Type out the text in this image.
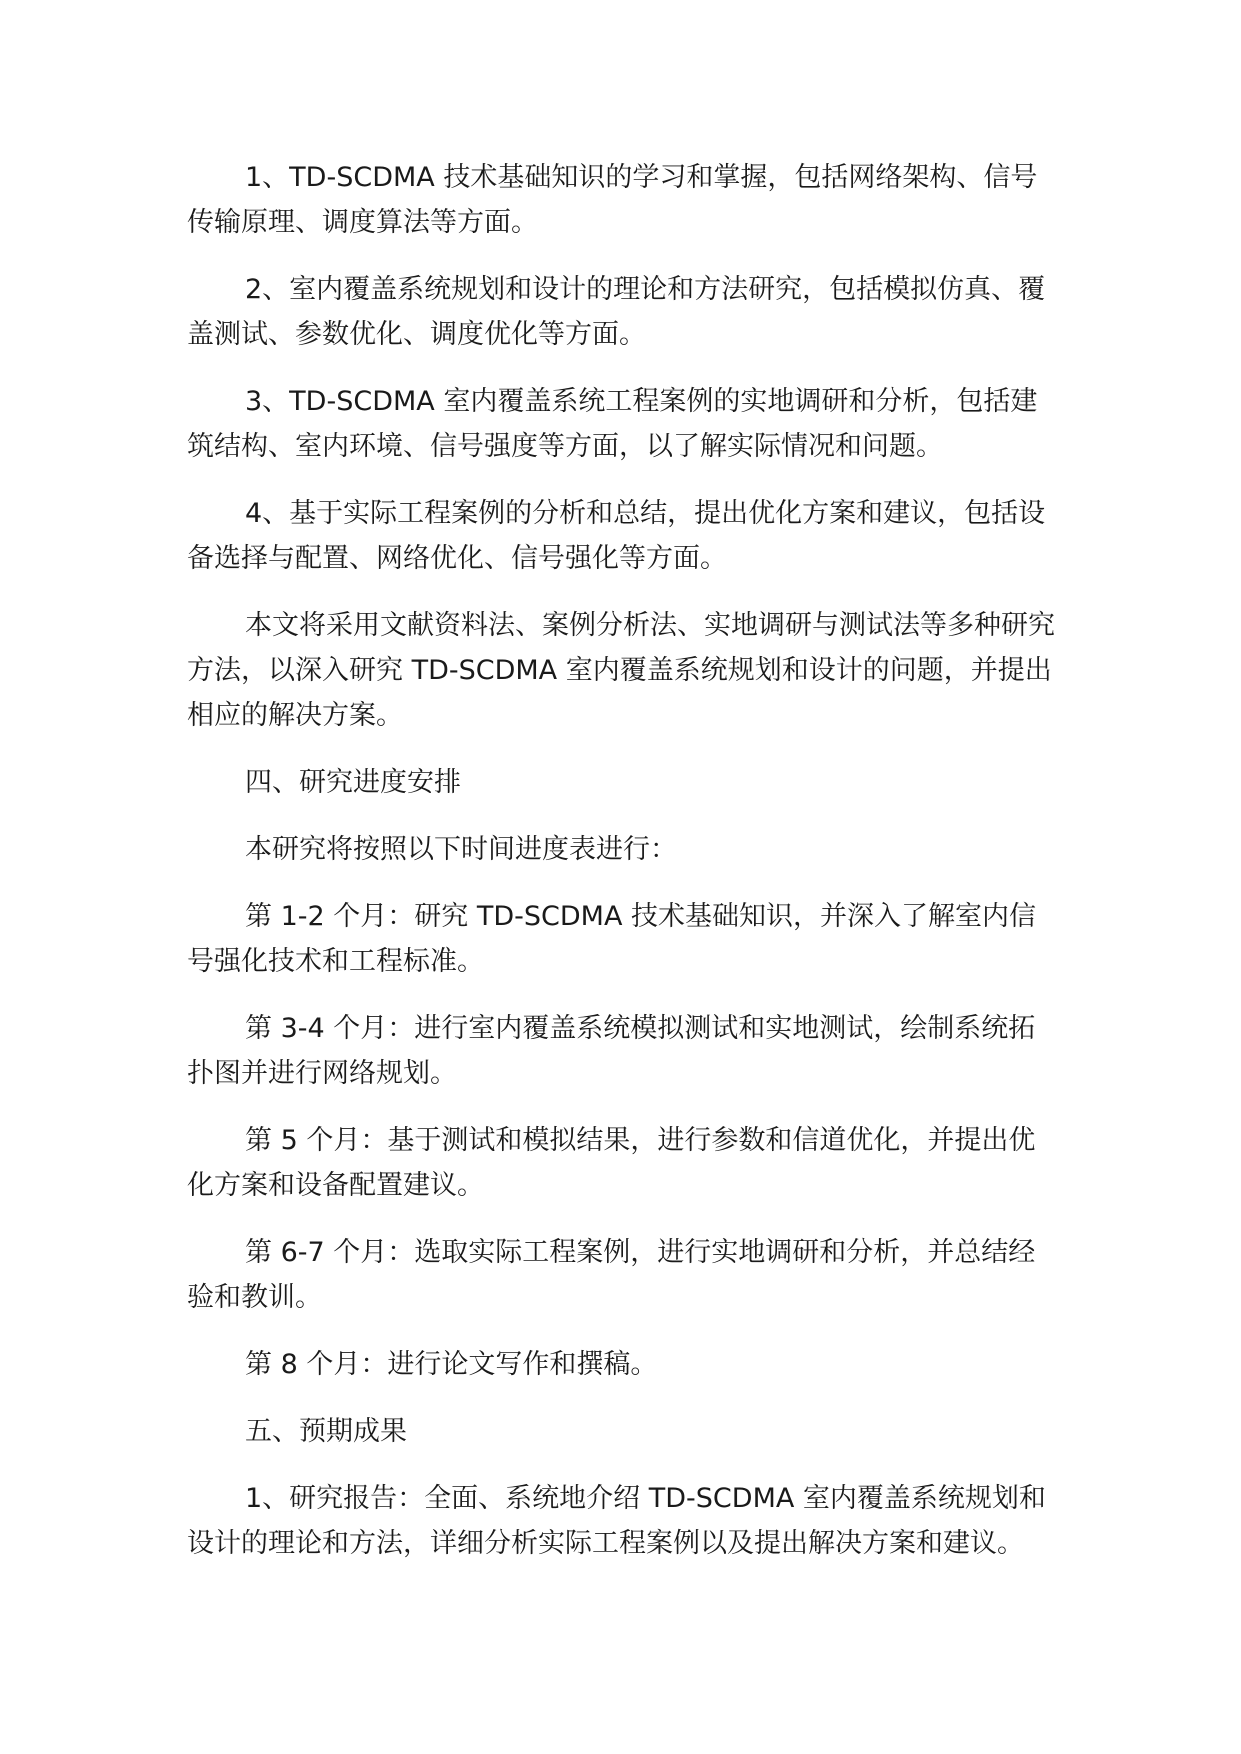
1、TD-SCDMA 技术基础知识的学习和掌握，包括网络架构、信号传输原理、调度算法等方面。

2、室内覆盖系统规划和设计的理论和方法研究，包括模拟仿真、覆盖测试、参数优化、调度优化等方面。

3、TD-SCDMA 室内覆盖系统工程案例的实地调研和分析，包括建筑结构、室内环境、信号强度等方面，以了解实际情况和问题。

4、基于实际工程案例的分析和总结，提出优化方案和建议，包括设备选择与配置、网络优化、信号强化等方面。

本文将采用文献资料法、案例分析法、实地调研与测试法等多种研究方法，以深入研究 TD-SCDMA 室内覆盖系统规划和设计的问题，并提出相应的解决方案。

四、研究进度安排

本研究将按照以下时间进度表进行：

第 1-2 个月：研究 TD-SCDMA 技术基础知识，并深入了解室内信号强化技术和工程标准。

第 3-4 个月：进行室内覆盖系统模拟测试和实地测试，绘制系统拓扑图并进行网络规划。

第 5 个月：基于测试和模拟结果，进行参数和信道优化，并提出优化方案和设备配置建议。

第 6-7 个月：选取实际工程案例，进行实地调研和分析，并总结经验和教训。

第 8 个月：进行论文写作和撰稿。

五、预期成果

1、研究报告：全面、系统地介绍 TD-SCDMA 室内覆盖系统规划和设计的理论和方法，详细分析实际工程案例以及提出解决方案和建议。
